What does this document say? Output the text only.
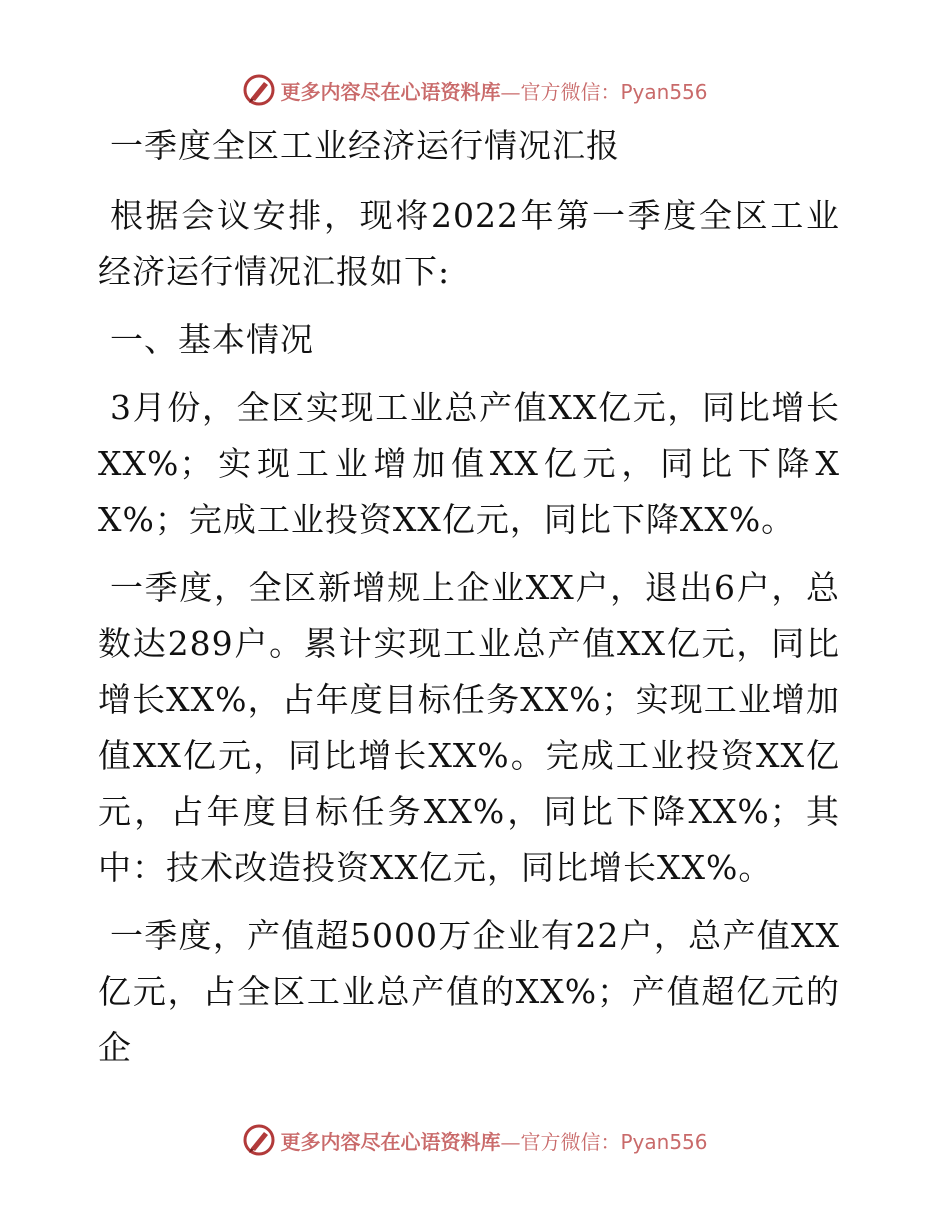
更多内容尽在心语资料库—官方微信：Pyan556

一季度全区工业经济运行情况汇报

根据会议安排，现将2022年第一季度全区工业经济运行情况汇报如下:

一、基本情况

3月份，全区实现工业总产值XX亿元，同比增长XX%；实现工业增加值XX亿元，同比下降XX%；完成工业投资XX亿元，同比下降XX%。

一季度，全区新增规上企业XX户，退出6户，总数达289户。累计实现工业总产值XX亿元，同比增长XX%，占年度目标任务XX%；实现工业增加值XX亿元，同比增长XX%。完成工业投资XX亿元，占年度目标任务XX%，同比下降XX%；其中：技术改造投资XX亿元，同比增长XX%。

一季度，产值超5000万企业有22户，总产值XX亿元，占全区工业总产值的XX%；产值超亿元的企

更多内容尽在心语资料库—官方微信：Pyan556
